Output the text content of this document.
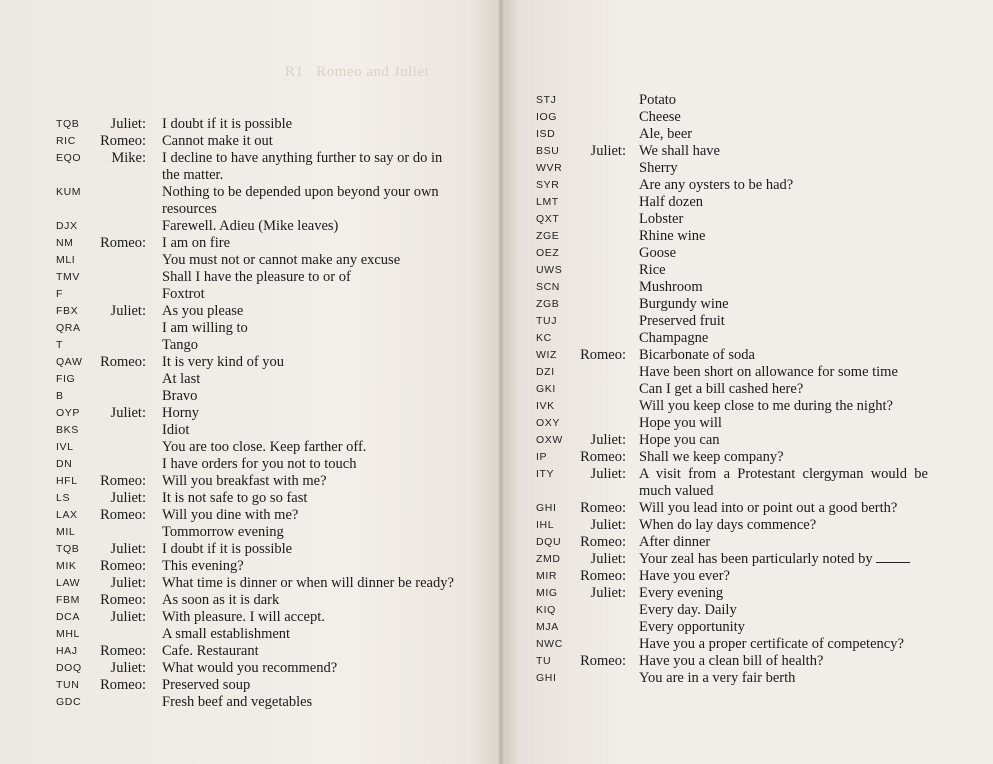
R1   Romeo and Juliet
TQB	Juliet: I doubt if it is possible
RIC	Romeo: Cannot make it out
EQO	Mike: I decline to have anything further to say or do in
the matter.
KUM	Nothing to be depended upon beyond your own
resources
DJX	Farewell. Adieu (Mike leaves)
NM	Romeo: I am on fire
MLI	You must not or cannot make any excuse
TMV	Shall I have the pleasure to or of
F	Foxtrot
FBX	Juliet: As you please
QRA	I am willing to
T	Tango
QAW	Romeo: It is very kind of you
FIG	At last
B	Bravo
OYP	Juliet: Horny
BKS	Idiot
IVL	You are too close. Keep farther off.
DN	I have orders for you not to touch
HFL	Romeo: Will you breakfast with me?
LS	Juliet: It is not safe to go so fast
LAX	Romeo: Will you dine with me?
MIL	Tommorrow evening
TQB	Juliet: I doubt if it is possible
MIK	Romeo: This evening?
LAW	Juliet: What time is dinner or when will dinner be ready?
FBM	Romeo: As soon as it is dark
DCA	Juliet: With pleasure. I will accept.
MHL	A small establishment
HAJ	Romeo: Cafe. Restaurant
DOQ	Juliet: What would you recommend?
TUN	Romeo: Preserved soup
GDC	Fresh beef and vegetables
STJ	Potato
IOG	Cheese
ISD	Ale, beer
BSU	Juliet: We shall have
WVR	Sherry
SYR	Are any oysters to be had?
LMT	Half dozen
QXT	Lobster
ZGE	Rhine wine
OEZ	Goose
UWS	Rice
SCN	Mushroom
ZGB	Burgundy wine
TUJ	Preserved fruit
KC	Champagne
WIZ	Romeo: Bicarbonate of soda
DZI	Have been short on allowance for some time
GKI	Can I get a bill cashed here?
IVK	Will you keep close to me during the night?
OXY	Hope you will
OXW	Juliet: Hope you can
IP	Romeo: Shall we keep company?
ITY	Juliet: A  visit  from  a  Protestant  clergyman  would  be
much valued
GHI	Romeo: Will you lead into or point out a good berth?
IHL	Juliet: When do lay days commence?
DQU	Romeo: After dinner
ZMD	Juliet: Your zeal has been particularly noted by
MIR	Romeo: Have you ever?
MIG	Juliet: Every evening
KIQ	Every day. Daily
MJA	Every opportunity
NWC	Have you a proper certificate of competency?
TU	Romeo: Have you a clean bill of health?
GHI	You are in a very fair berth
